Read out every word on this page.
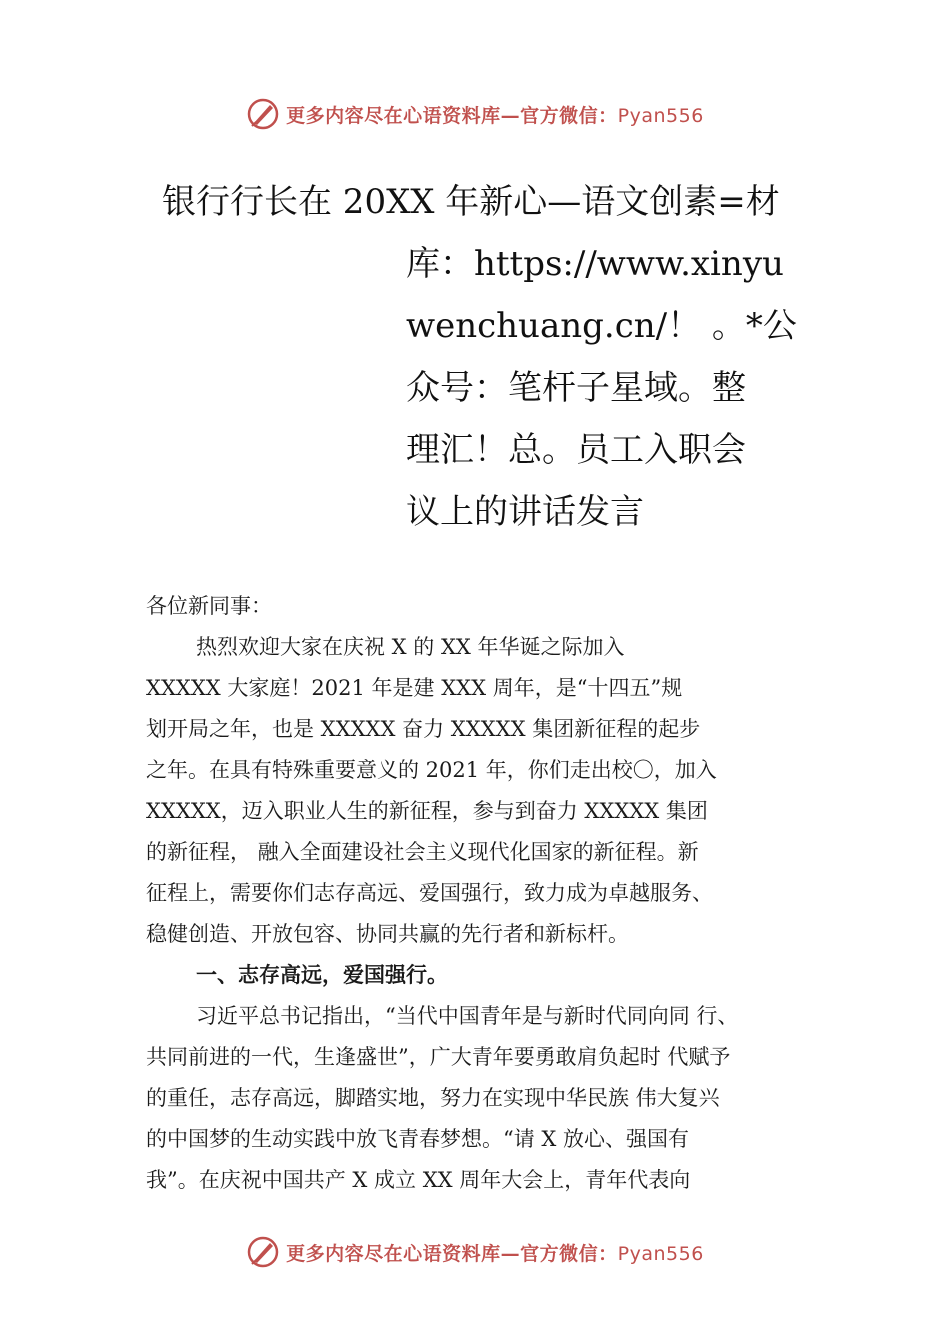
更多内容尽在心语资料库—官方微信：Pyan556
银行行长在 20XX 年新心—语文创素=材
库：https://www.xinyu
wenchuang.cn/！ 。*公
众号：笔杆子星域。整
理汇！总。员工入职会
议上的讲话发言
各位新同事：
热烈欢迎大家在庆祝 X 的 XX 年华诞之际加入
XXXXX 大家庭！2021 年是建 XXX 周年，是“十四五”规
划开局之年，也是 XXXXX 奋力 XXXXX 集团新征程的起步
之年。在具有特殊重要意义的 2021 年，你们走出校〇，加入
XXXXX，迈入职业人生的新征程，参与到奋力 XXXXX 集团
的新征程， 融入全面建设社会主义现代化国家的新征程。新
征程上，需要你们志存高远、爱国强行，致力成为卓越服务、
稳健创造、开放包容、协同共赢的先行者和新标杆。
一、志存高远，爱国强行。
习近平总书记指出，“当代中国青年是与新时代同向同 行、
共同前进的一代，生逢盛世”，广大青年要勇敢肩负起时 代赋予
的重任，志存高远，脚踏实地，努力在实现中华民族 伟大复兴
的中国梦的生动实践中放飞青春梦想。“请 X 放心、强国有
我”。在庆祝中国共产 X 成立 XX 周年大会上，青年代表向
更多内容尽在心语资料库—官方微信：Pyan556
